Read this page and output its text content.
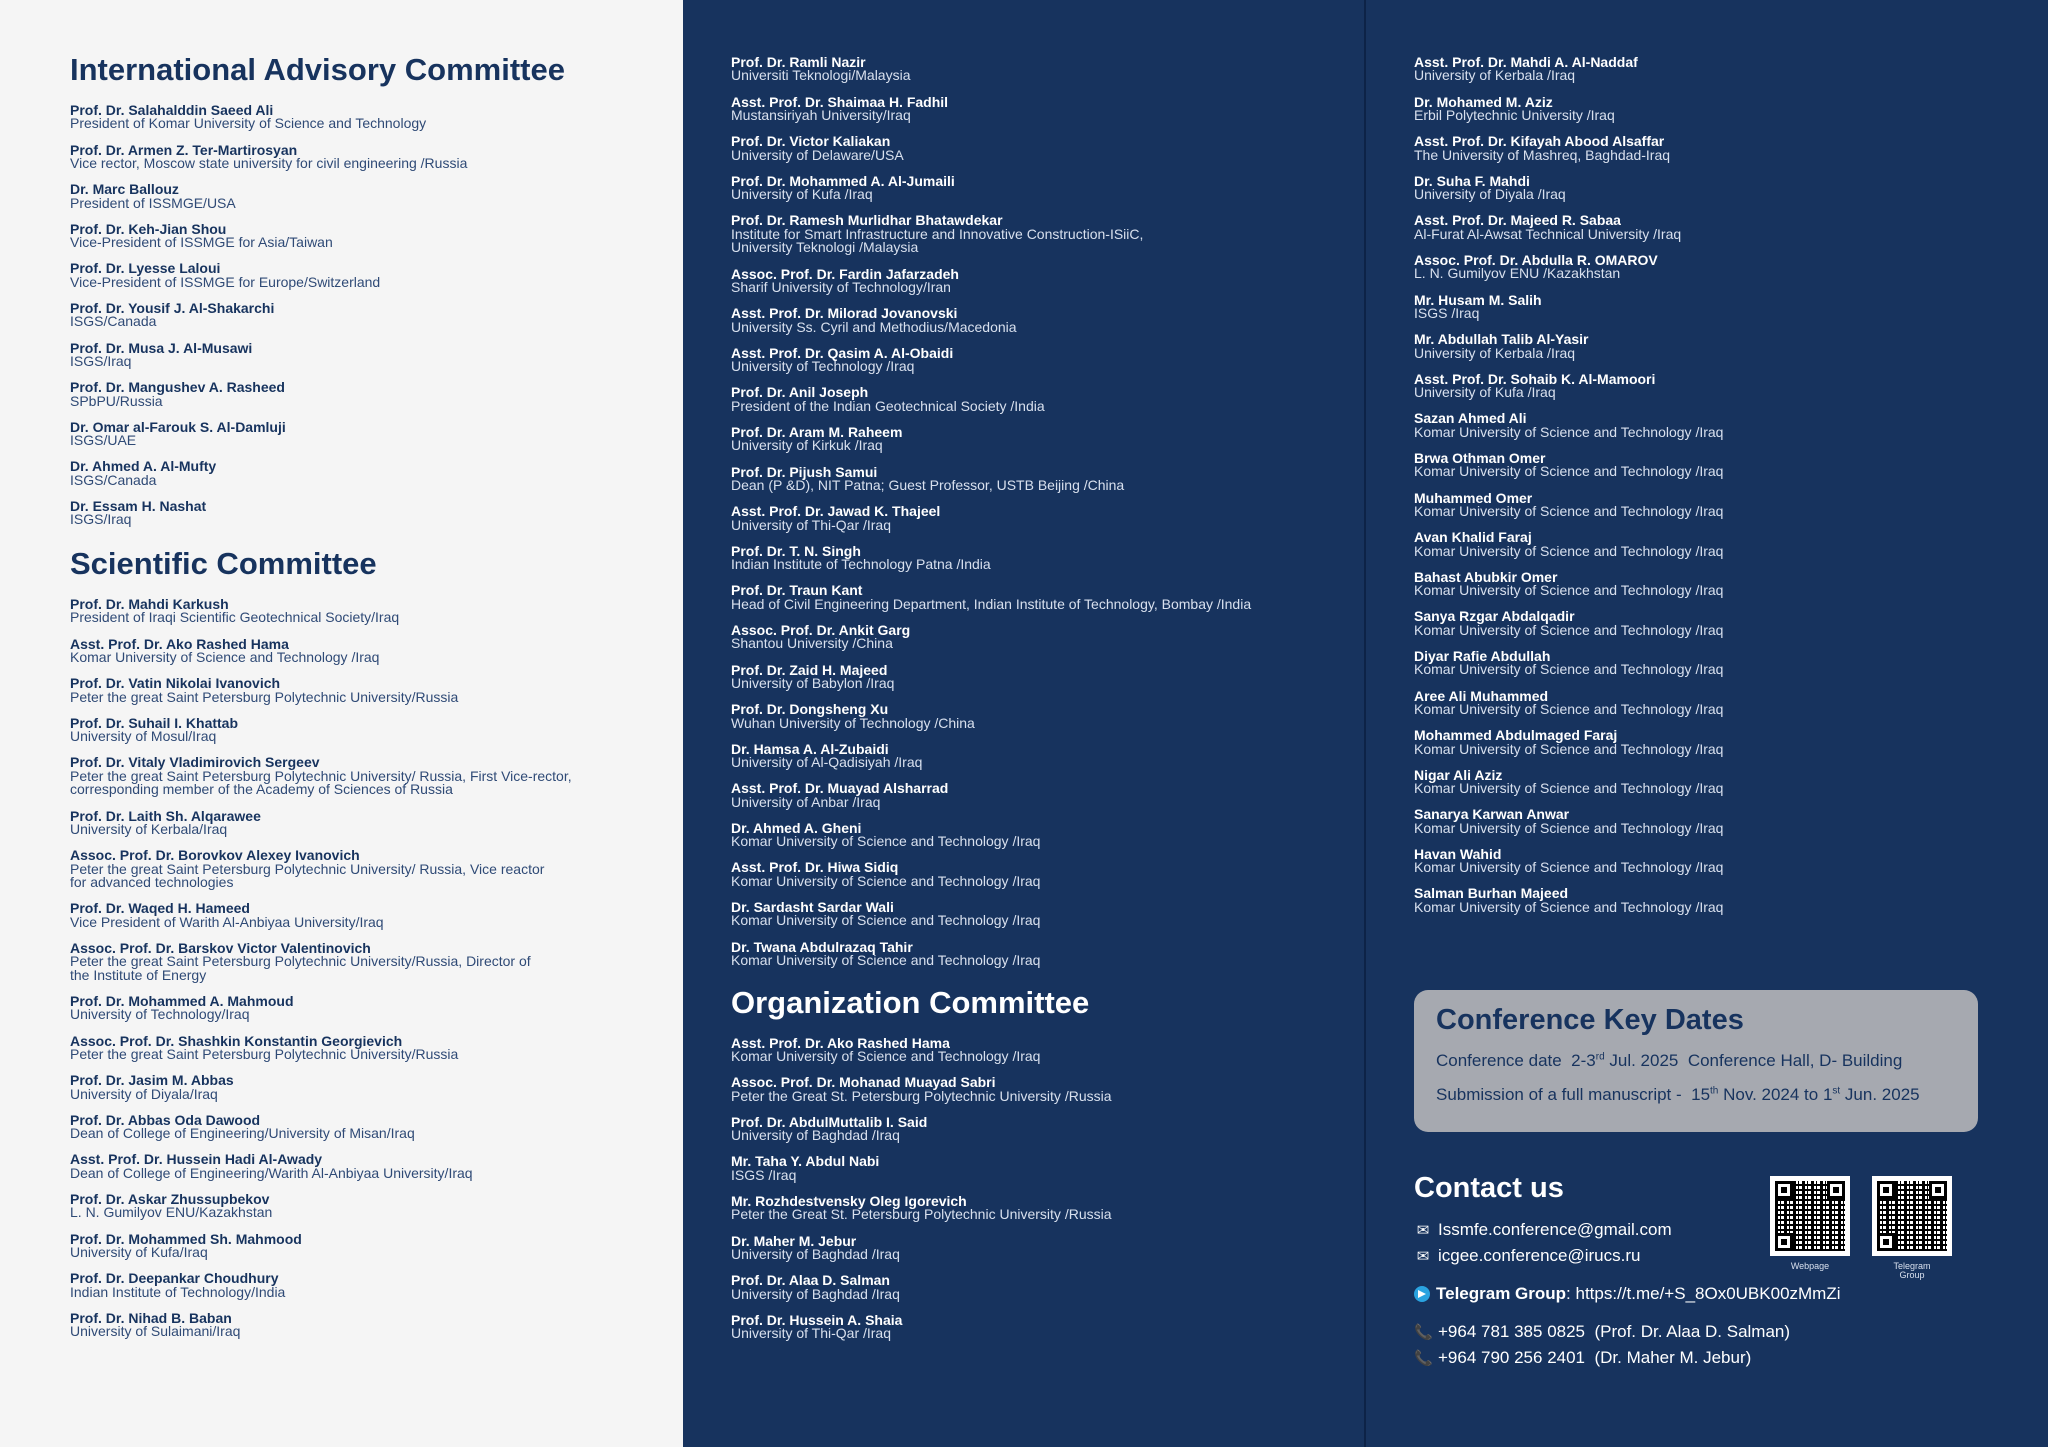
International Advisory Committee
Prof. Dr. Salahalddin Saeed Ali
President of Komar University of Science and Technology
Prof. Dr. Armen Z. Ter-Martirosyan
Vice rector, Moscow state university for civil engineering /Russia
Dr. Marc Ballouz
President of ISSMGE/USA
Prof. Dr. Keh-Jian Shou
Vice-President of ISSMGE for Asia/Taiwan
Prof. Dr. Lyesse Laloui
Vice-President of ISSMGE for Europe/Switzerland
Prof. Dr. Yousif J. Al-Shakarchi
ISGS/Canada
Prof. Dr. Musa J. Al-Musawi
ISGS/Iraq
Prof. Dr. Mangushev A. Rasheed
SPbPU/Russia
Dr. Omar al-Farouk S. Al-Damluji
ISGS/UAE
Dr. Ahmed A. Al-Mufty
ISGS/Canada
Dr. Essam H. Nashat
ISGS/Iraq
Scientific Committee
Prof. Dr. Mahdi Karkush
President of Iraqi Scientific Geotechnical Society/Iraq
Asst. Prof. Dr. Ako Rashed Hama
Komar University of Science and Technology /Iraq
Prof. Dr. Vatin Nikolai Ivanovich
Peter the great Saint Petersburg Polytechnic University/Russia
Prof. Dr. Suhail I. Khattab
University of Mosul/Iraq
Prof. Dr. Vitaly Vladimirovich Sergeev
Peter the great Saint Petersburg Polytechnic University/ Russia, First Vice-rector,
corresponding member of the Academy of Sciences of Russia
Prof. Dr. Laith Sh. Alqarawee
University of Kerbala/Iraq
Assoc. Prof. Dr. Borovkov Alexey Ivanovich
Peter the great Saint Petersburg Polytechnic University/ Russia, Vice reactor
for advanced technologies
Prof. Dr. Waqed H. Hameed
Vice President of Warith Al-Anbiyaa University/Iraq
Assoc. Prof. Dr. Barskov Victor Valentinovich
Peter the great Saint Petersburg Polytechnic University/Russia, Director of
the Institute of Energy
Prof. Dr. Mohammed A. Mahmoud
University of Technology/Iraq
Assoc. Prof. Dr. Shashkin Konstantin Georgievich
Peter the great Saint Petersburg Polytechnic University/Russia
Prof. Dr. Jasim M. Abbas
University of Diyala/Iraq
Prof. Dr. Abbas Oda Dawood
Dean of College of Engineering/University of Misan/Iraq
Asst. Prof. Dr. Hussein Hadi Al-Awady
Dean of College of Engineering/Warith Al-Anbiyaa University/Iraq
Prof. Dr. Askar Zhussupbekov
L. N. Gumilyov ENU/Kazakhstan
Prof. Dr. Mohammed Sh. Mahmood
University of Kufa/Iraq
Prof. Dr. Deepankar Choudhury
Indian Institute of Technology/India
Prof. Dr. Nihad B. Baban
University of Sulaimani/Iraq
Prof. Dr. Ramli Nazir
Universiti Teknologi/Malaysia
Asst. Prof. Dr. Shaimaa H. Fadhil
Mustansiriyah University/Iraq
Prof. Dr. Victor Kaliakan
University of Delaware/USA
Prof. Dr. Mohammed A. Al-Jumaili
University of Kufa /Iraq
Prof. Dr. Ramesh Murlidhar Bhatawdekar
Institute for Smart Infrastructure and Innovative Construction-ISiiC,
University Teknologi /Malaysia
Assoc. Prof. Dr. Fardin Jafarzadeh
Sharif University of Technology/Iran
Asst. Prof. Dr. Milorad Jovanovski
University Ss. Cyril and Methodius/Macedonia
Asst. Prof. Dr. Qasim A. Al-Obaidi
University of Technology /Iraq
Prof. Dr. Anil Joseph
President of the Indian Geotechnical Society /India
Prof. Dr. Aram M. Raheem
University of Kirkuk /Iraq
Prof. Dr. Pijush Samui
Dean (P &D), NIT Patna; Guest Professor, USTB Beijing /China
Asst. Prof. Dr. Jawad K. Thajeel
University of Thi-Qar /Iraq
Prof. Dr. T. N. Singh
Indian Institute of Technology Patna /India
Prof. Dr. Traun Kant
Head of Civil Engineering Department, Indian Institute of Technology, Bombay /India
Assoc. Prof. Dr. Ankit Garg
Shantou University /China
Prof. Dr. Zaid H. Majeed
University of Babylon /Iraq
Prof. Dr. Dongsheng Xu
Wuhan University of Technology /China
Dr. Hamsa A. Al-Zubaidi
University of Al-Qadisiyah /Iraq
Asst. Prof. Dr. Muayad Alsharrad
University of Anbar /Iraq
Dr. Ahmed A. Gheni
Komar University of Science and Technology /Iraq
Asst. Prof. Dr. Hiwa Sidiq
Komar University of Science and Technology /Iraq
Dr. Sardasht Sardar Wali
Komar University of Science and Technology /Iraq
Dr. Twana Abdulrazaq Tahir
Komar University of Science and Technology /Iraq
Organization Committee
Asst. Prof. Dr. Ako Rashed Hama
Komar University of Science and Technology /Iraq
Assoc. Prof. Dr. Mohanad Muayad Sabri
Peter the Great St. Petersburg Polytechnic University /Russia
Prof. Dr. AbdulMuttalib I. Said
University of Baghdad /Iraq
Mr. Taha Y. Abdul Nabi
ISGS /Iraq
Mr. Rozhdestvensky Oleg Igorevich
Peter the Great St. Petersburg Polytechnic University /Russia
Dr. Maher M. Jebur
University of Baghdad /Iraq
Prof. Dr. Alaa D. Salman
University of Baghdad /Iraq
Prof. Dr. Hussein A. Shaia
University of Thi-Qar /Iraq
Asst. Prof. Dr. Mahdi A. Al-Naddaf
University of Kerbala /Iraq
Dr. Mohamed M. Aziz
Erbil Polytechnic University /Iraq
Asst. Prof. Dr. Kifayah Abood Alsaffar
The University of Mashreq, Baghdad-Iraq
Dr. Suha F. Mahdi
University of Diyala /Iraq
Asst. Prof. Dr. Majeed R. Sabaa
Al-Furat Al-Awsat Technical University /Iraq
Assoc. Prof. Dr. Abdulla R. OMAROV
L. N. Gumilyov ENU /Kazakhstan
Mr. Husam M. Salih
ISGS /Iraq
Mr. Abdullah Talib Al-Yasir
University of Kerbala /Iraq
Asst. Prof. Dr. Sohaib K. Al-Mamoori
University of Kufa /Iraq
Sazan Ahmed Ali
Komar University of Science and Technology /Iraq
Brwa Othman Omer
Komar University of Science and Technology /Iraq
Muhammed Omer
Komar University of Science and Technology /Iraq
Avan Khalid Faraj
Komar University of Science and Technology /Iraq
Bahast Abubkir Omer
Komar University of Science and Technology /Iraq
Sanya Rzgar Abdalqadir
Komar University of Science and Technology /Iraq
Diyar Rafie Abdullah
Komar University of Science and Technology /Iraq
Aree Ali Muhammed
Komar University of Science and Technology /Iraq
Mohammed Abdulmaged Faraj
Komar University of Science and Technology /Iraq
Nigar Ali Aziz
Komar University of Science and Technology /Iraq
Sanarya Karwan Anwar
Komar University of Science and Technology /Iraq
Havan Wahid
Komar University of Science and Technology /Iraq
Salman Burhan Majeed
Komar University of Science and Technology /Iraq
Conference Key Dates
Conference date 2-3rd Jul. 2025 Conference Hall, D- Building
Submission of a full manuscript - 15th Nov. 2024 to 1st Jun. 2025
Contact us
✉ Issmfe.conference@gmail.com
✉ icgee.conference@irucs.ru
Telegram Group : https://t.me/+S_8Ox0UBK00zMmZi
📞 +964 781 385 0825
(Prof. Dr. Alaa D. Salman)
📞 +964 790 256 2401
(Dr. Maher M. Jebur)
Webpage	Telegram
Group
